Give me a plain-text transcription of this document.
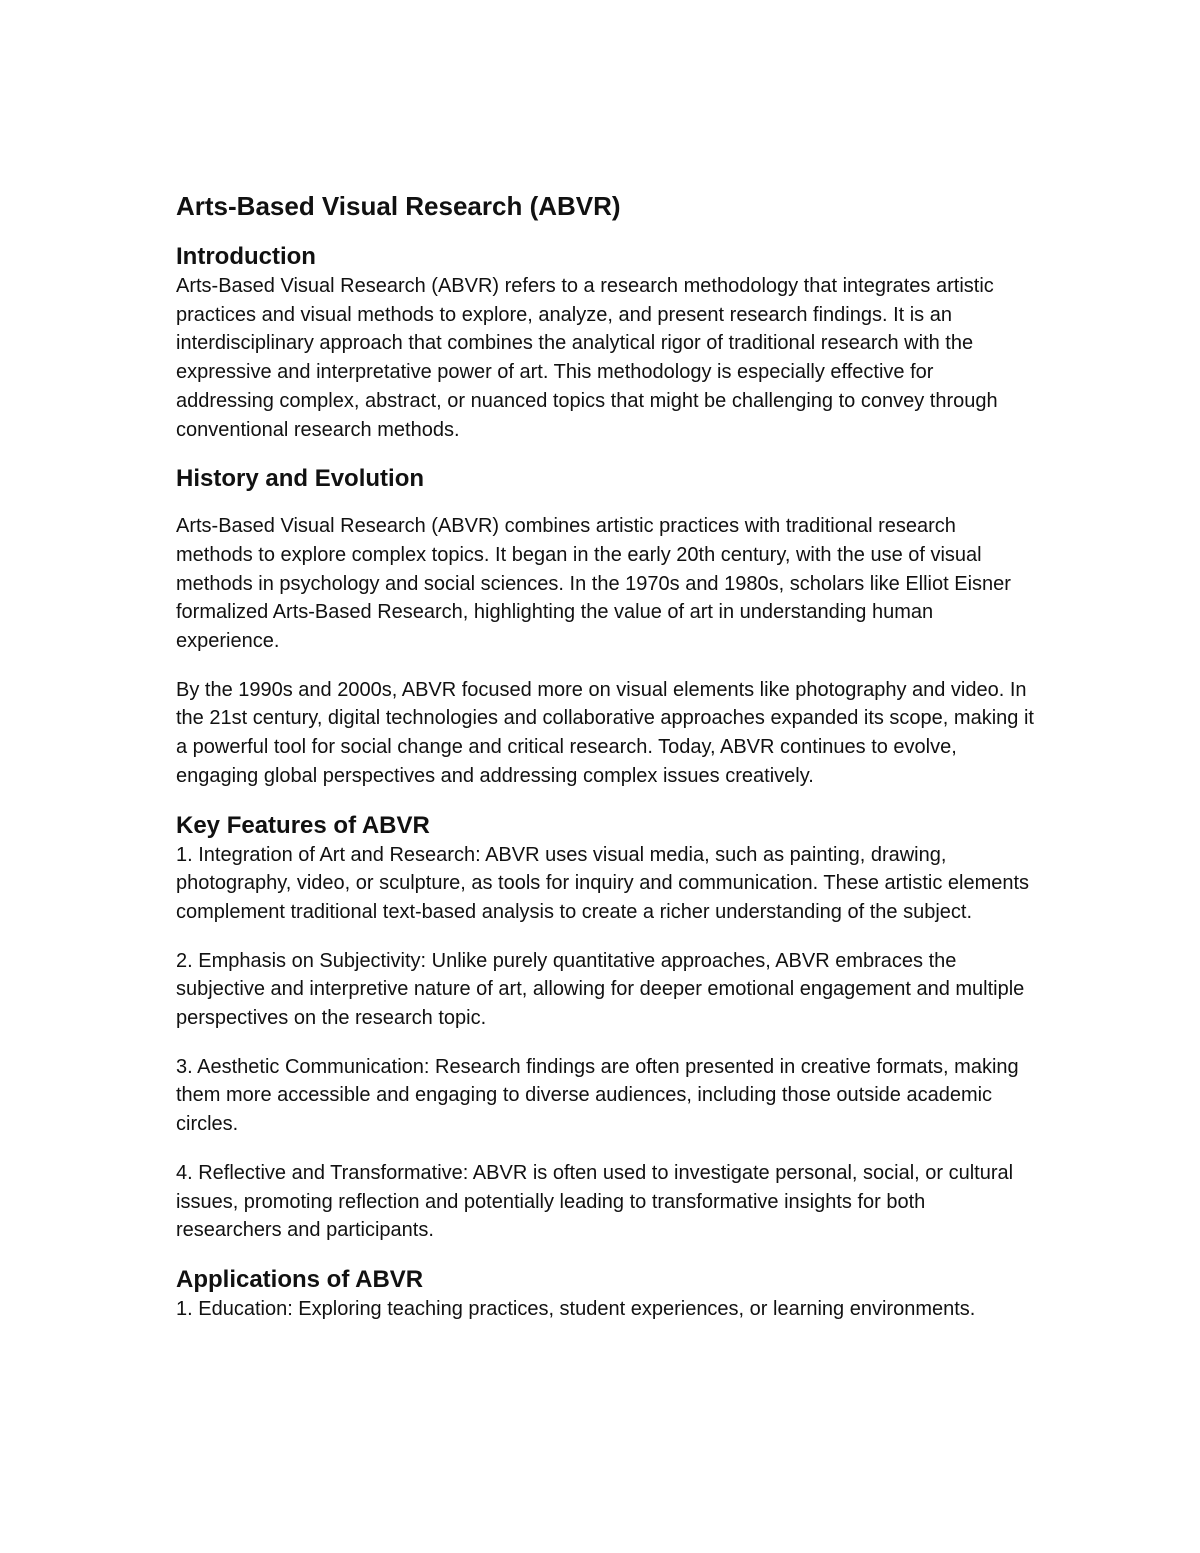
Arts-Based Visual Research (ABVR)
Introduction

Arts-Based Visual Research (ABVR) refers to a research methodology that integrates artistic practices and visual methods to explore, analyze, and present research findings. It is an interdisciplinary approach that combines the analytical rigor of traditional research with the expressive and interpretative power of art. This methodology is especially effective for addressing complex, abstract, or nuanced topics that might be challenging to convey through conventional research methods.

History and Evolution

Arts-Based Visual Research (ABVR) combines artistic practices with traditional research methods to explore complex topics. It began in the early 20th century, with the use of visual methods in psychology and social sciences. In the 1970s and 1980s, scholars like Elliot Eisner formalized Arts-Based Research, highlighting the value of art in understanding human experience.

By the 1990s and 2000s, ABVR focused more on visual elements like photography and video. In the 21st century, digital technologies and collaborative approaches expanded its scope, making it a powerful tool for social change and critical research. Today, ABVR continues to evolve, engaging global perspectives and addressing complex issues creatively.

Key Features of ABVR

1. Integration of Art and Research: ABVR uses visual media, such as painting, drawing, photography, video, or sculpture, as tools for inquiry and communication. These artistic elements complement traditional text-based analysis to create a richer understanding of the subject.

2. Emphasis on Subjectivity: Unlike purely quantitative approaches, ABVR embraces the subjective and interpretive nature of art, allowing for deeper emotional engagement and multiple perspectives on the research topic.

3. Aesthetic Communication: Research findings are often presented in creative formats, making them more accessible and engaging to diverse audiences, including those outside academic circles.

4. Reflective and Transformative: ABVR is often used to investigate personal, social, or cultural issues, promoting reflection and potentially leading to transformative insights for both researchers and participants.

Applications of ABVR

1. Education: Exploring teaching practices, student experiences, or learning environments.
